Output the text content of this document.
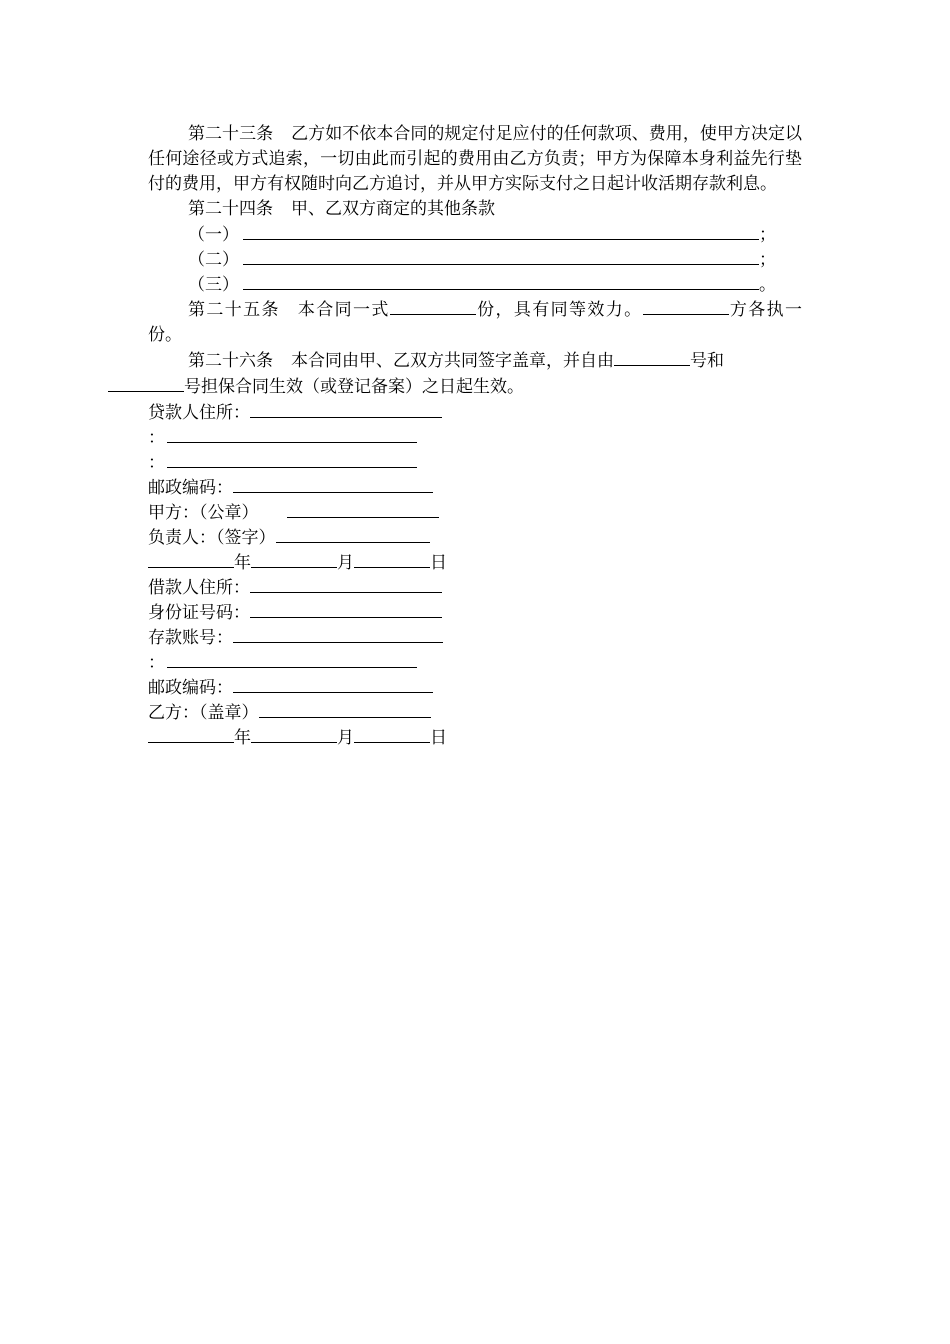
第二十三条 乙方如不依本合同的规定付足应付的任何款项、费用，使甲方决定以任何途径或方式追索，一切由此而引起的费用由乙方负责；甲方为保障本身利益先行垫付的费用，甲方有权随时向乙方追讨，并从甲方实际支付之日起计收活期存款利息。

第二十四条 甲、乙双方商定的其他条款

（一）	；

（二）	；

（三）	。

第二十五条 本合同一式	份，具有同等效力。	方各执一份。

第二十六条 本合同由甲、乙双方共同签字盖章，并自由	号和
号担保合同生效（或登记备案）之日起生效。

贷款人住所：

：

：

邮政编码：

甲方：（公章）

负责人：（签字）

年	月	日

借款人住所：

身份证号码：

存款账号：

：

邮政编码：

乙方：（盖章）

年	月	日
